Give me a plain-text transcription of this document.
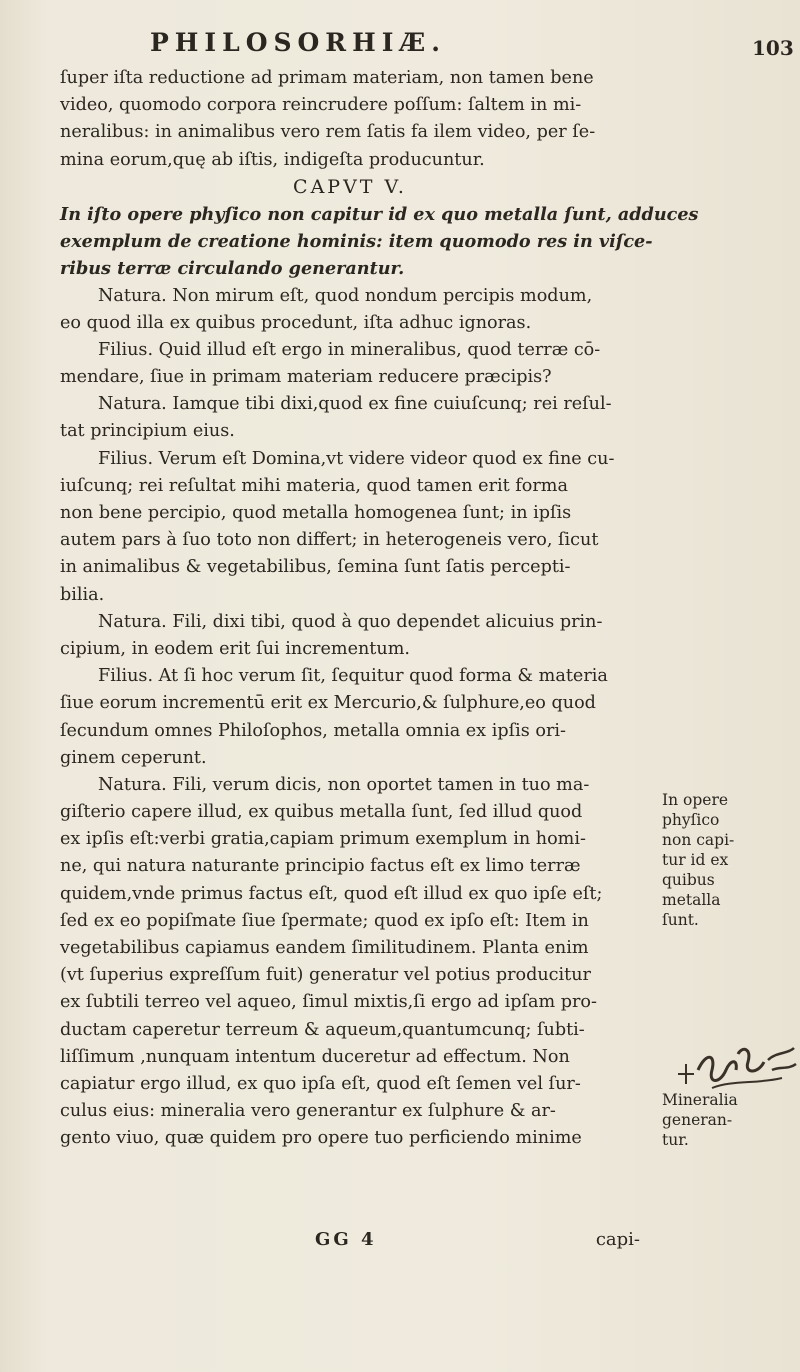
PHILOSORHIÆ.	103
ſuper iſta reductione ad primam materiam, non tamen bene
video, quomodo corpora reincrudere poſſum: ſaltem in mi-
neralibus: in animalibus vero rem ſatis fa ilem video, per ſe-
mina eorum,quę ab iſtis, indigeſta producuntur.
CAPVT V.
In iſto opere phyſico non capitur id ex quo metalla ſunt, adduces
exemplum de creatione hominis: item quomodo res in viſce-
ribus terræ circulando generantur.
Natura. Non mirum eſt, quod nondum percipis modum,
eo quod illa ex quibus procedunt, iſta adhuc ignoras.
Filius. Quid illud eſt ergo in mineralibus, quod terræ cō-
mendare, ſiue in primam materiam reducere præcipis?
Natura. Iamque tibi dixi,quod ex fine cuiuſcunq; rei reſul-
tat principium eius.
Filius. Verum eſt Domina,vt videre videor quod ex fine cu-
iuſcunq; rei reſultat mihi materia, quod tamen erit forma
non bene percipio, quod metalla homogenea ſunt; in ipſis
autem pars à ſuo toto non differt; in heterogeneis vero, ſicut
in animalibus & vegetabilibus, ſemina ſunt ſatis percepti-
bilia.
Natura. Fili, dixi tibi, quod à quo dependet alicuius prin-
cipium, in eodem erit ſui incrementum.
Filius. At ſi hoc verum ſit, ſequitur quod forma & materia
ſiue eorum incrementū erit ex Mercurio,& ſulphure,eo quod
ſecundum omnes Philoſophos, metalla omnia ex ipſis ori-
ginem ceperunt.
Natura. Fili, verum dicis, non oportet tamen in tuo ma-
giſterio capere illud, ex quibus metalla ſunt, ſed illud quod
ex ipſis eſt:verbi gratia,capiam primum exemplum in homi-
ne, qui natura naturante principio factus eſt ex limo terræ
quidem,vnde primus factus eſt, quod eſt illud ex quo ipſe eſt;
ſed ex eo popiſmate ſiue ſpermate; quod ex ipſo eſt: Item in
vegetabilibus capiamus eandem ſimilitudinem. Planta enim
(vt ſuperius expreſſum fuit) generatur vel potius producitur
ex ſubtili terreo vel aqueo, ſimul mixtis,ſi ergo ad ipſam pro-
ductam caperetur terreum & aqueum,quantumcunq; ſubti-
liſſimum ,nunquam intentum duceretur ad effectum. Non
capiatur ergo illud, ex quo ipſa eſt, quod eſt ſemen vel ſur-
culus eius: mineralia vero generantur ex ſulphure & ar-
gento viuo, quæ quidem pro opere tuo perficiendo minime
In opere
phyſico
non capi-
tur id ex
quibus
metalla
ſunt.
Mineralia
generan-
tur.
GG 4	capi-
